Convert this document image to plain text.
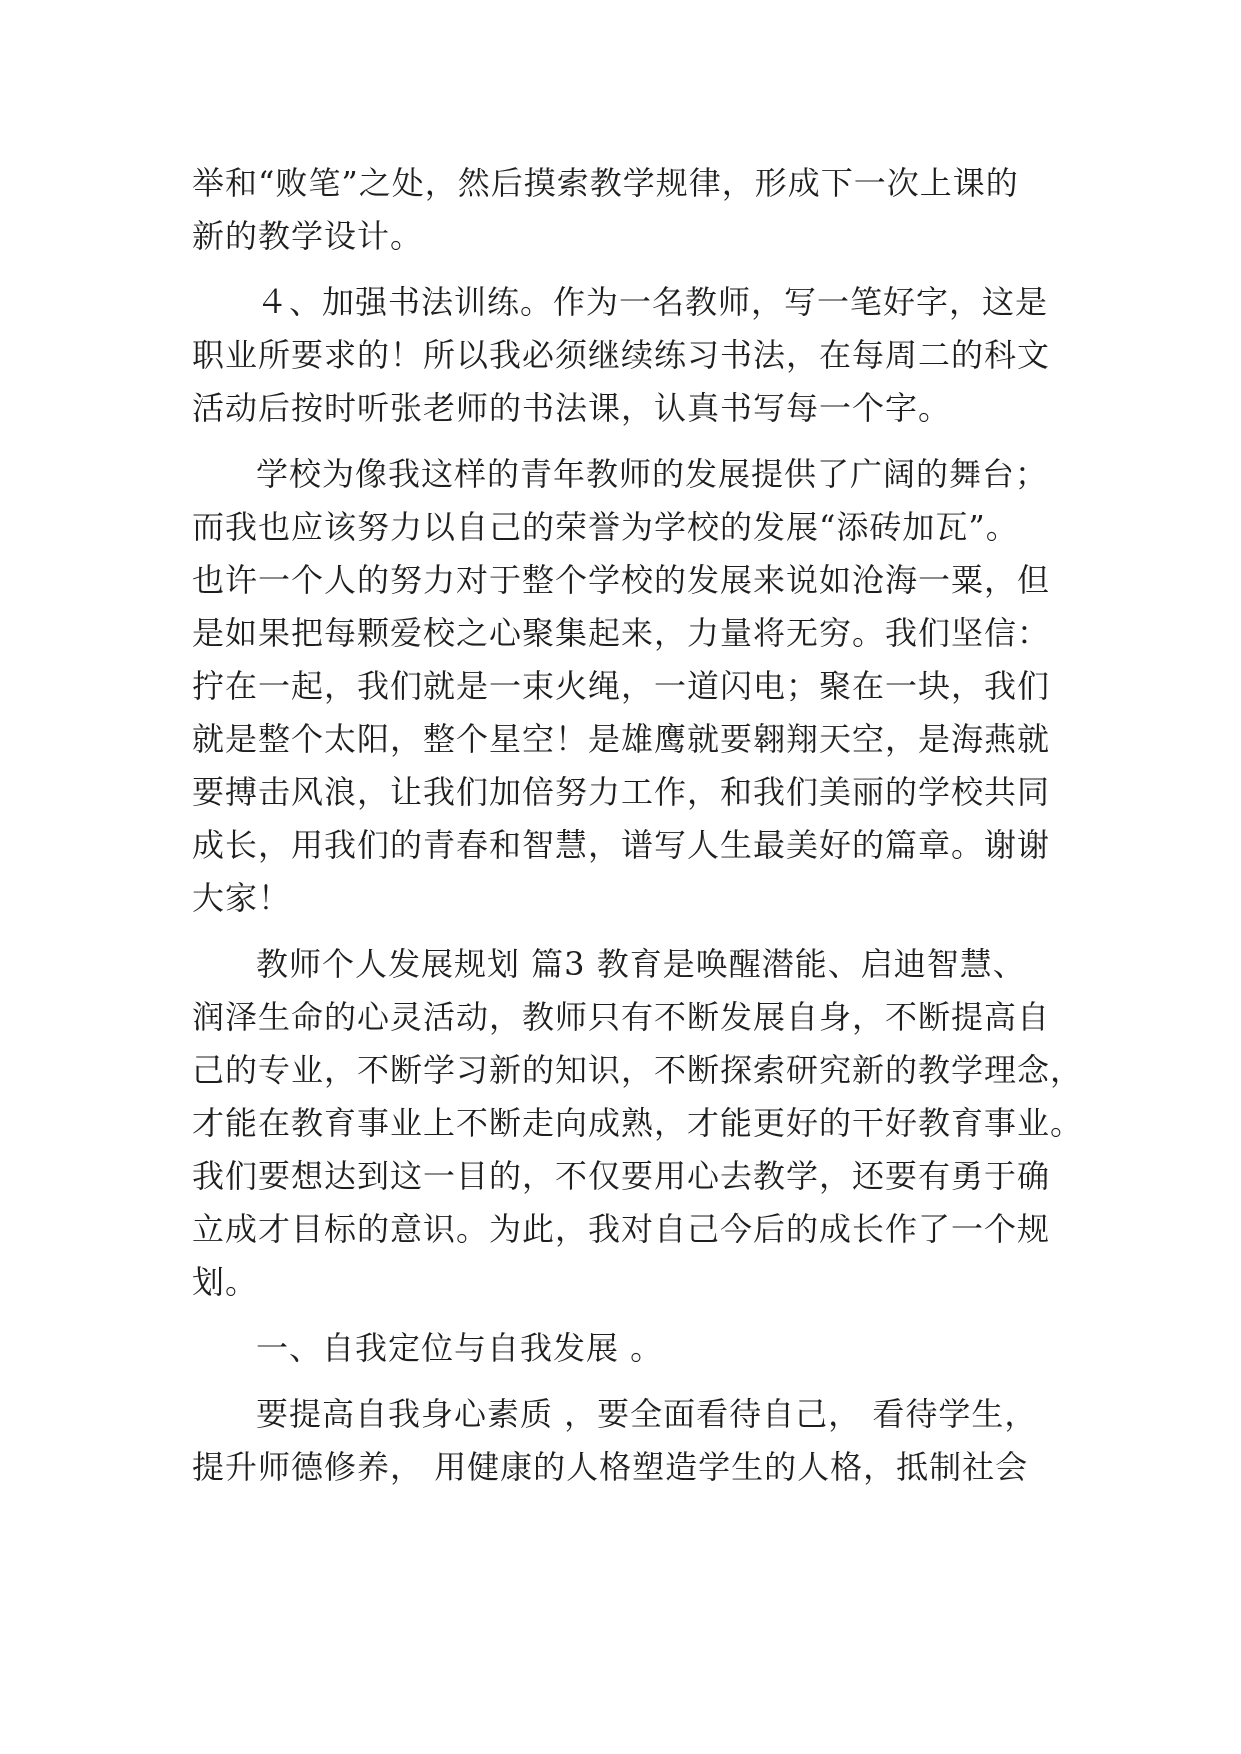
举和“败笔”之处，然后摸索教学规律，形成下一次上课的
新的教学设计。
４、加强书法训练。作为一名教师，写一笔好字，这是
职业所要求的！所以我必须继续练习书法，在每周二的科文
活动后按时听张老师的书法课，认真书写每一个字。
学校为像我这样的青年教师的发展提供了广阔的舞台；
而我也应该努力以自己的荣誉为学校的发展“添砖加瓦”。
也许一个人的努力对于整个学校的发展来说如沧海一粟，但
是如果把每颗爱校之心聚集起来，力量将无穷。我们坚信：
拧在一起，我们就是一束火绳，一道闪电；聚在一块，我们
就是整个太阳，整个星空！是雄鹰就要翱翔天空，是海燕就
要搏击风浪，让我们加倍努力工作，和我们美丽的学校共同
成长，用我们的青春和智慧，谱写人生最美好的篇章。谢谢
大家！
教师个人发展规划 篇3 教育是唤醒潜能、启迪智慧、
润泽生命的心灵活动，教师只有不断发展自身，不断提高自
己的专业，不断学习新的知识，不断探索研究新的教学理念，
才能在教育事业上不断走向成熟，才能更好的干好教育事业。
我们要想达到这一目的，不仅要用心去教学，还要有勇于确
立成才目标的意识。为此，我对自己今后的成长作了一个规
划。
一、自我定位与自我发展 。
要提高自我身心素质 ，要全面看待自己， 看待学生，
提升师德修养， 用健康的人格塑造学生的人格，抵制社会
